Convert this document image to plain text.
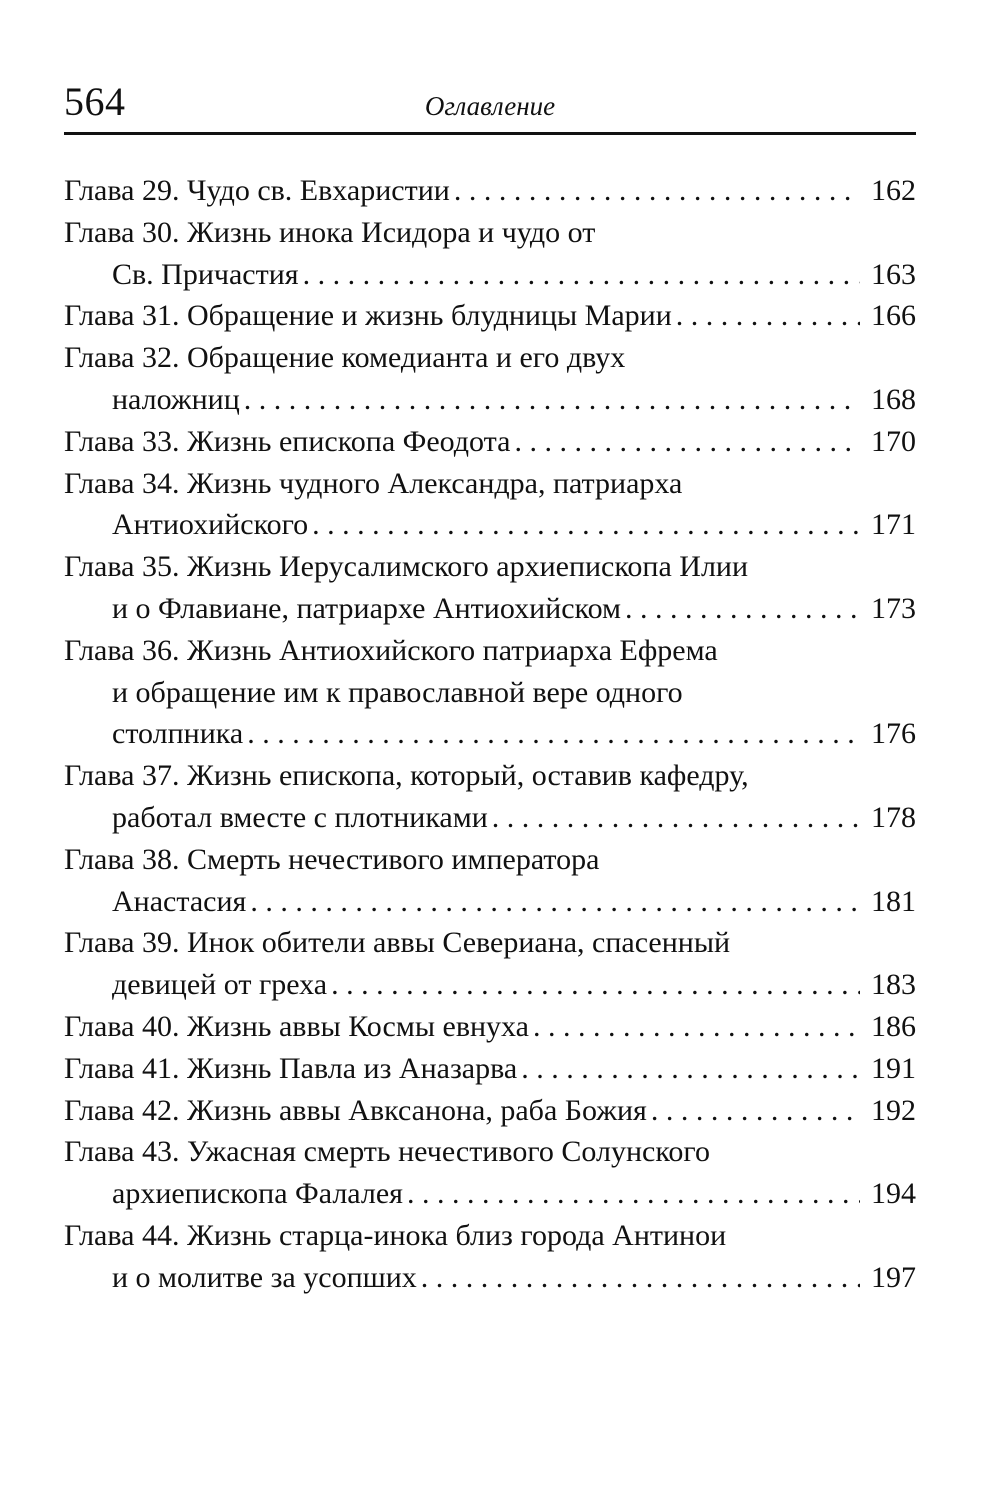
564	Оглавление
Глава 29. Чудо св. Евхаристии . . .	162
Глава 30. Жизнь инока Исидора и чудо от
Св. Причастия . . .	163
Глава 31. Обращение и жизнь блудницы Марии . . .	166
Глава 32. Обращение комедианта и его двух
наложниц . . .	168
Глава 33. Жизнь епископа Феодота . . .	170
Глава 34. Жизнь чудного Александра, патриарха
Антиохийского . . .	171
Глава 35. Жизнь Иерусалимского архиепископа Илии
и о Флавиане, патриархе Антиохийском . . .	173
Глава 36. Жизнь Антиохийского патриарха Ефрема
и обращение им к православной вере одного
столпника . . .	176
Глава 37. Жизнь епископа, который, оставив кафедру,
работал вместе с плотниками . . .	178
Глава 38. Смерть нечестивого императора
Анастасия . . .	181
Глава 39. Инок обители аввы Севериана, спасенный
девицей от греха . . .	183
Глава 40. Жизнь аввы Космы евнуха . . .	186
Глава 41. Жизнь Павла из Аназарва . . .	191
Глава 42. Жизнь аввы Авксанона, раба Божия . . .	192
Глава 43. Ужасная смерть нечестивого Солунского
архиепископа Фалалея . . .	194
Глава 44. Жизнь старца-инока близ города Антинои
и о молитве за усопших . . .	197
